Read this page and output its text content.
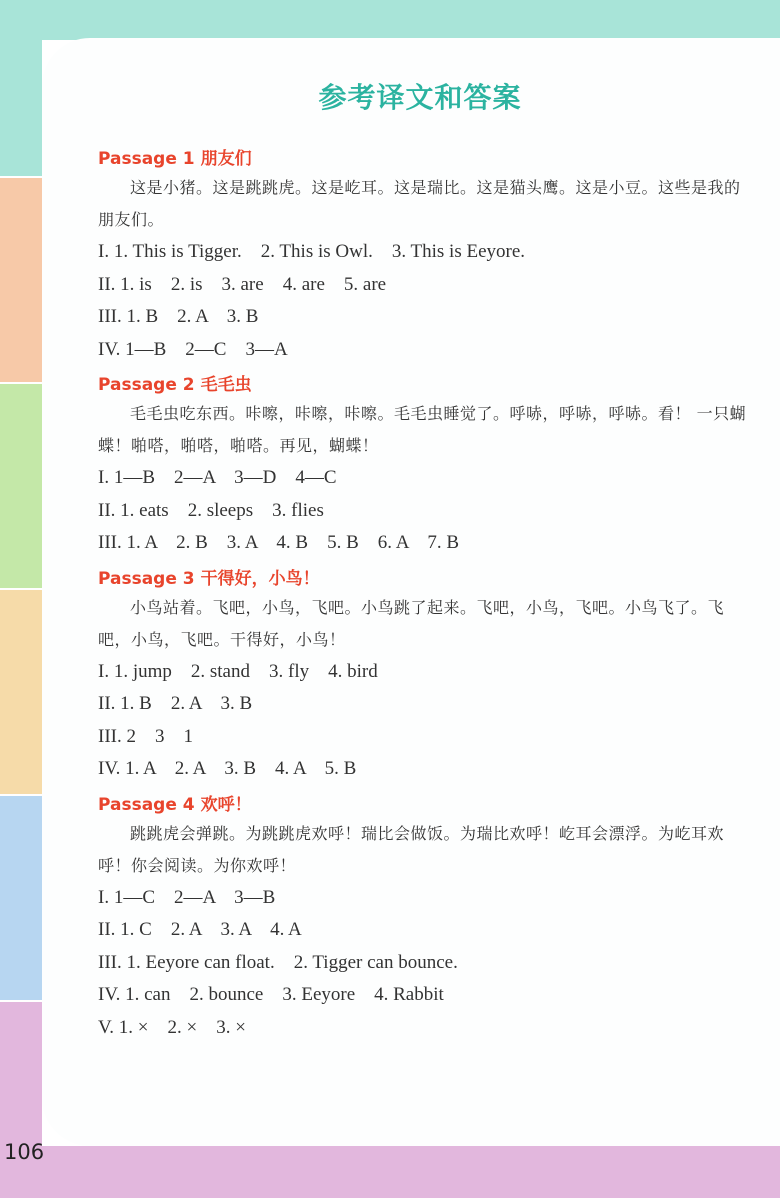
参考译文和答案
Passage 1 朋友们

这是小猪。这是跳跳虎。这是屹耳。这是瑞比。这是猫头鹰。这是小豆。这些是我的朋友们。

I. 1. This is Tigger.    2. This is Owl.    3. This is Eeyore.
II. 1. is    2. is    3. are    4. are    5. are
III. 1. B    2. A    3. B
IV. 1—B    2—C    3—A
Passage 2 毛毛虫

毛毛虫吃东西。咔嚓，咔嚓，咔嚓。毛毛虫睡觉了。呼哧，呼哧，呼哧。看！ 一只蝴蝶！啪嗒，啪嗒，啪嗒。再见，蝴蝶！

I. 1—B    2—A    3—D    4—C
II. 1. eats    2. sleeps    3. flies
III. 1. A    2. B    3. A    4. B    5. B    6. A    7. B
Passage 3 干得好，小鸟！

小鸟站着。飞吧，小鸟，飞吧。小鸟跳了起来。飞吧，小鸟，飞吧。小鸟飞了。飞吧，小鸟，飞吧。干得好，小鸟！

I. 1. jump    2. stand    3. fly    4. bird
II. 1. B    2. A    3. B
III. 2    3    1
IV. 1. A    2. A    3. B    4. A    5. B
Passage 4 欢呼！

跳跳虎会弹跳。为跳跳虎欢呼！瑞比会做饭。为瑞比欢呼！屹耳会漂浮。为屹耳欢呼！你会阅读。为你欢呼！

I. 1—C    2—A    3—B
II. 1. C    2. A    3. A    4. A
III. 1. Eeyore can float.    2. Tigger can bounce.
IV. 1. can    2. bounce    3. Eeyore    4. Rabbit
V. 1. ×    2. ×    3. ×
106
